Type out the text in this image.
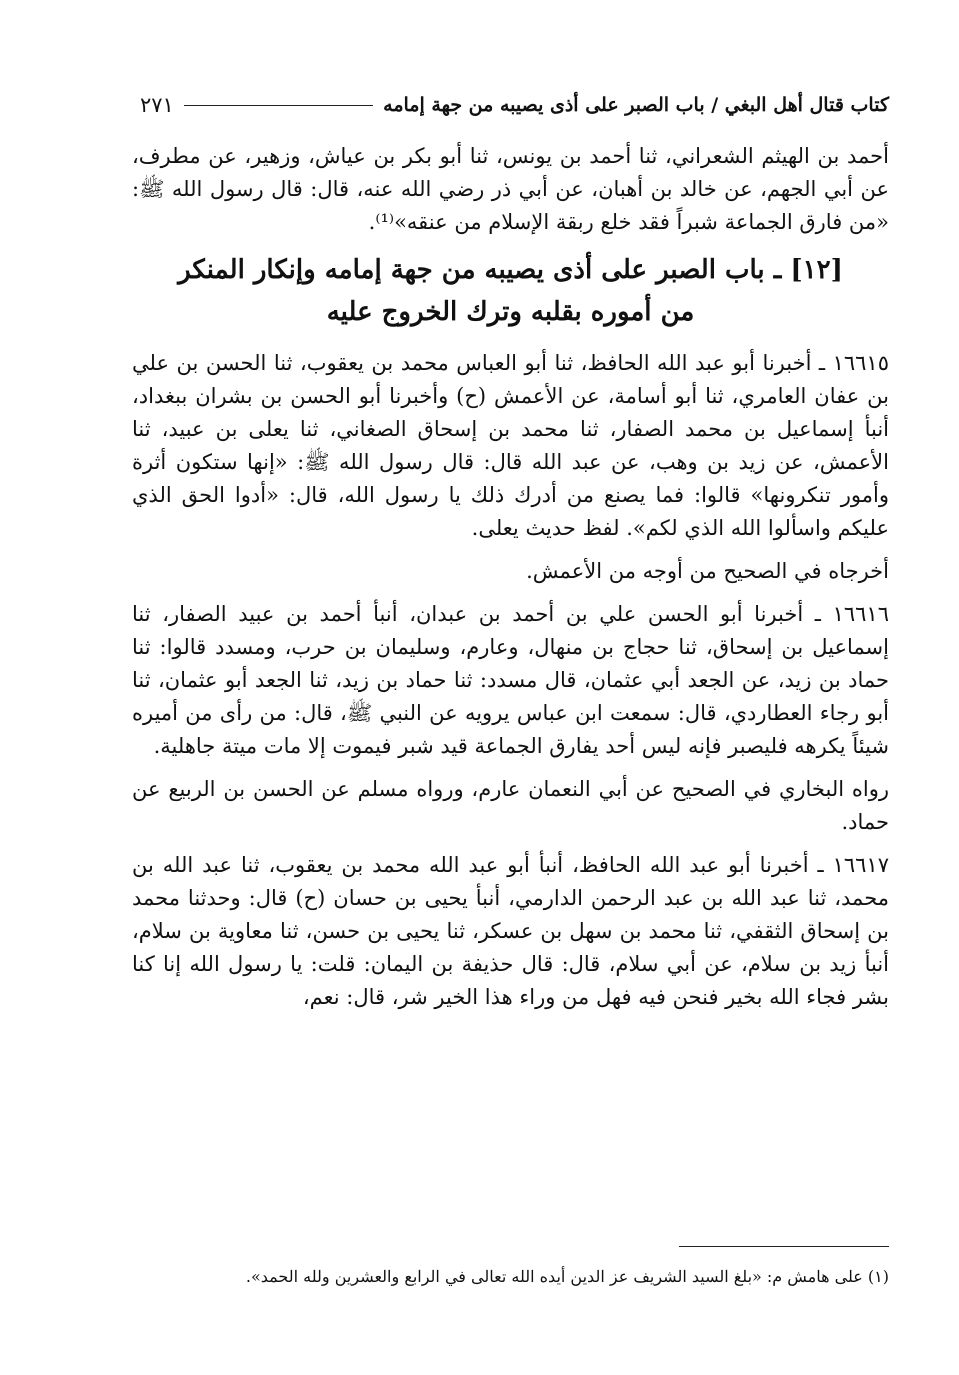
كتاب قتال أهل البغي / باب الصبر على أذى يصيبه من جهة إمامه
٢٧١

أحمد بن الهيثم الشعراني، ثنا أحمد بن يونس، ثنا أبو بكر بن عياش، وزهير، عن مطرف، عن أبي الجهم، عن خالد بن أهبان، عن أبي ذر رضي الله عنه، قال: قال رسول الله ﷺ: «من فارق الجماعة شبراً فقد خلع ربقة الإسلام من عنقه»⁽¹⁾.

[١٢] ـ باب الصبر على أذى يصيبه من جهة إمامه وإنكار المنكر
من أموره بقلبه وترك الخروج عليه

١٦٦١٥ ـ أخبرنا أبو عبد الله الحافظ، ثنا أبو العباس محمد بن يعقوب، ثنا الحسن بن علي بن عفان العامري، ثنا أبو أسامة، عن الأعمش (ح) وأخبرنا أبو الحسن بن بشران ببغداد، أنبأ إسماعيل بن محمد الصفار، ثنا محمد بن إسحاق الصغاني، ثنا يعلى بن عبيد، ثنا الأعمش، عن زيد بن وهب، عن عبد الله قال: قال رسول الله ﷺ: «إنها ستكون أثرة وأمور تنكرونها» قالوا: فما يصنع من أدرك ذلك يا رسول الله، قال: «أدوا الحق الذي عليكم واسألوا الله الذي لكم». لفظ حديث يعلى.

أخرجاه في الصحيح من أوجه من الأعمش.

١٦٦١٦ ـ أخبرنا أبو الحسن علي بن أحمد بن عبدان، أنبأ أحمد بن عبيد الصفار، ثنا إسماعيل بن إسحاق، ثنا حجاج بن منهال، وعارم، وسليمان بن حرب، ومسدد قالوا: ثنا حماد بن زيد، عن الجعد أبي عثمان، قال مسدد: ثنا حماد بن زيد، ثنا الجعد أبو عثمان، ثنا أبو رجاء العطاردي، قال: سمعت ابن عباس يرويه عن النبي ﷺ، قال: من رأى من أميره شيئاً يكرهه فليصبر فإنه ليس أحد يفارق الجماعة قيد شبر فيموت إلا مات ميتة جاهلية.

رواه البخاري في الصحيح عن أبي النعمان عارم، ورواه مسلم عن الحسن بن الربيع عن حماد.

١٦٦١٧ ـ أخبرنا أبو عبد الله الحافظ، أنبأ أبو عبد الله محمد بن يعقوب، ثنا عبد الله بن محمد، ثنا عبد الله بن عبد الرحمن الدارمي، أنبأ يحيى بن حسان (ح) قال: وحدثنا محمد بن إسحاق الثقفي، ثنا محمد بن سهل بن عسكر، ثنا يحيى بن حسن، ثنا معاوية بن سلام، أنبأ زيد بن سلام، عن أبي سلام، قال: قال حذيفة بن اليمان: قلت: يا رسول الله إنا كنا بشر فجاء الله بخير فنحن فيه فهل من وراء هذا الخير شر، قال: نعم،

(١) على هامش م: «بلغ السيد الشريف عز الدين أيده الله تعالى في الرابع والعشرين ولله الحمد».
